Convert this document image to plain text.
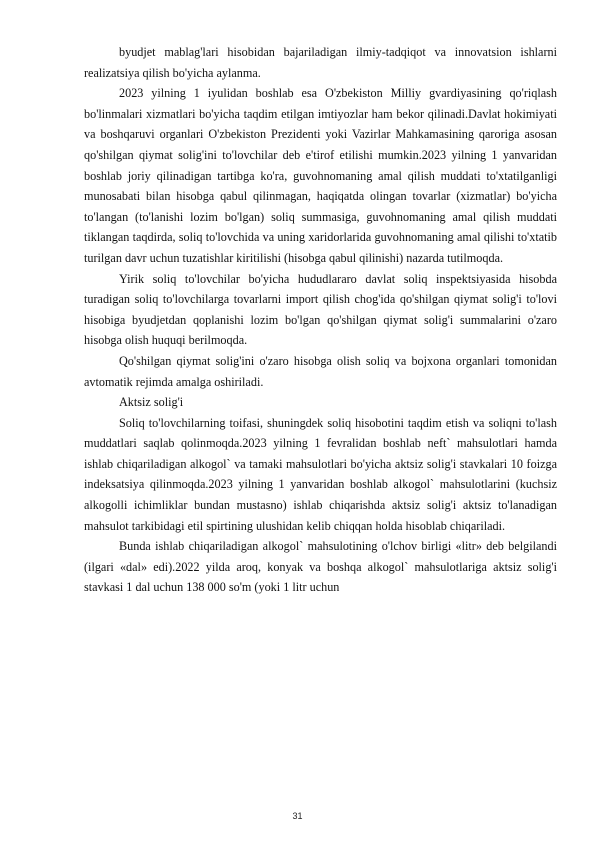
byudjet mablag'lari hisobidan bajariladigan ilmiy-tadqiqot va innovatsion ishlarni realizatsiya qilish bo'yicha aylanma.

2023 yilning 1 iyulidan boshlab esa O'zbekiston Milliy gvardiyasining qo'riqlash bo'linmalari xizmatlari bo'yicha taqdim etilgan imtiyozlar ham bekor qilinadi.Davlat hokimiyati va boshqaruvi organlari O'zbekiston Prezidenti yoki Vazirlar Mahkamasining qaroriga asosan qo'shilgan qiymat solig'ini to'lovchilar deb e'tirof etilishi mumkin.2023 yilning 1 yanvaridan boshlab joriy qilinadigan tartibga ko'ra, guvohnomaning amal qilish muddati to'xtatilganligi munosabati bilan hisobga qabul qilinmagan, haqiqatda olingan tovarlar (xizmatlar) bo'yicha to'langan (to'lanishi lozim bo'lgan) soliq summasiga, guvohnomaning amal qilish muddati tiklangan taqdirda, soliq to'lovchida va uning xaridorlarida guvohnomaning amal qilishi to'xtatib turilgan davr uchun tuzatishlar kiritilishi (hisobga qabul qilinishi) nazarda tutilmoqda.

Yirik soliq to'lovchilar bo'yicha hududlararo davlat soliq inspektsiyasida hisobda turadigan soliq to'lovchilarga tovarlarni import qilish chog'ida qo'shilgan qiymat solig'i to'lovi hisobiga byudjetdan qoplanishi lozim bo'lgan qo'shilgan qiymat solig'i summalarini o'zaro hisobga olish huquqi berilmoqda.

Qo'shilgan qiymat solig'ini o'zaro hisobga olish soliq va bojxona organlari tomonidan avtomatik rejimda amalga oshiriladi.

Aktsiz solig'i

Soliq to'lovchilarning toifasi, shuningdek soliq hisobotini taqdim etish va soliqni to'lash muddatlari saqlab qolinmoqda.2023 yilning 1 fevralidan boshlab neft` mahsulotlari hamda ishlab chiqariladigan alkogol` va tamaki mahsulotlari bo'yicha aktsiz solig'i stavkalari 10 foizga indeksatsiya qilinmoqda.2023 yilning 1 yanvaridan boshlab alkogol` mahsulotlarini (kuchsiz alkogolli ichimliklar bundan mustasno) ishlab chiqarishda aktsiz solig'i aktsiz to'lanadigan mahsulot tarkibidagi etil spirtining ulushidan kelib chiqqan holda hisoblab chiqariladi.

Bunda ishlab chiqariladigan alkogol` mahsulotining o'lchov birligi «litr» deb belgilandi (ilgari «dal» edi).2022 yilda aroq, konyak va boshqa alkogol` mahsulotlariga aktsiz solig'i stavkasi 1 dal uchun 138 000 so'm (yoki 1 litr uchun

31
